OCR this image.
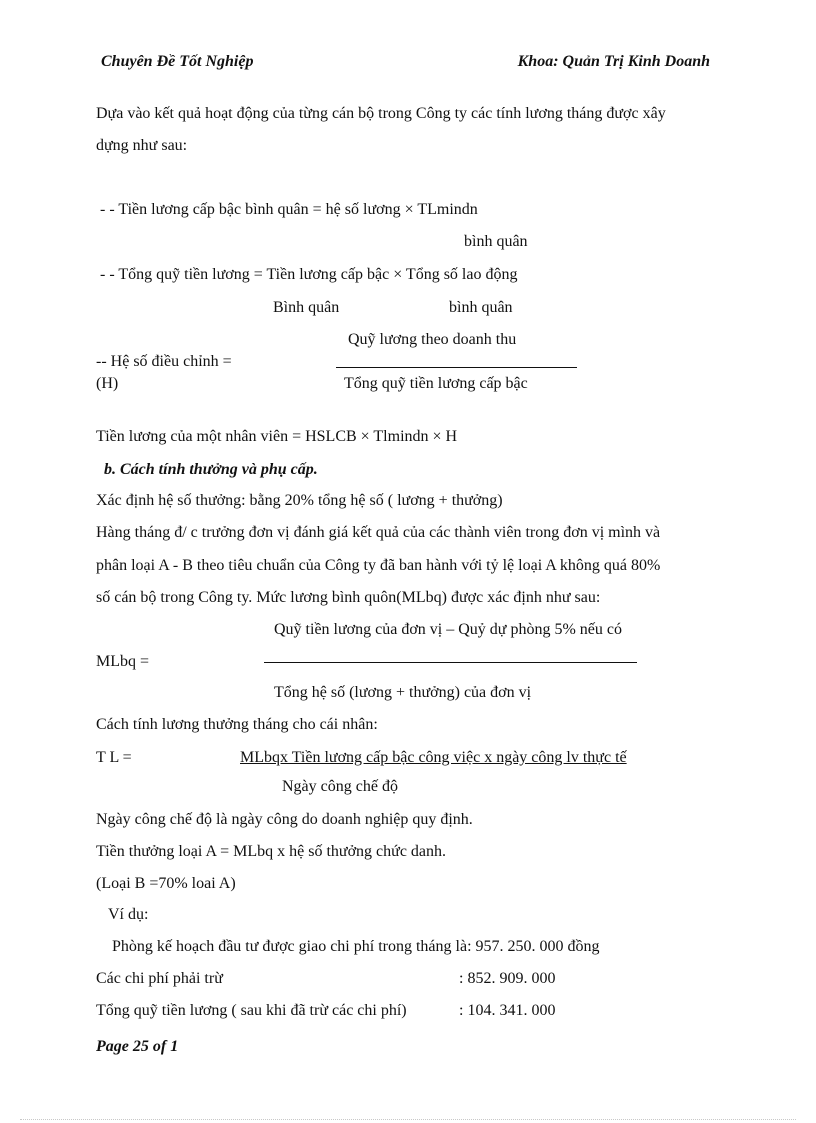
Chuyên Đề Tốt Nghiệp	Khoa: Quản Trị Kinh Doanh
Dựa vào kết quả hoạt động của từng cán bộ trong Công ty các tính lương tháng được xây
dựng như sau:
- - Tiền lương cấp bậc bình quân = hệ số lương × TLmindn
bình quân
- - Tổng quỹ tiền lương = Tiền lương cấp bậc × Tổng số lao động
Bình quân	bình quân
Quỹ lương theo doanh thu
-- Hệ số điều chỉnh =
(H)	Tổng quỹ tiền lương cấp bậc
Tiền lương của một nhân viên = HSLCB × Tlmindn × H
b. Cách tính thưởng và phụ cấp.
Xác định hệ số thưởng: bằng 20% tổng hệ số ( lương + thưởng)
Hàng tháng đ/ c trưởng đơn vị đánh giá kết quả của các thành viên trong đơn vị mình và
phân loại A - B theo tiêu chuẩn của Công ty đã ban hành với tỷ lệ loại A không quá 80%
số cán bộ trong Công ty. Mức lương bình quôn(MLbq) được xác định như sau:
Quỹ tiền lương của đơn vị – Quỷ dự phòng 5% nếu có
MLbq =
Tổng hệ số (lương + thưởng) của đơn vị
Cách tính lương thưởng tháng cho cái nhân:
T L =	MLbqx Tiền lương cấp bậc công việc x ngày công lv thực tế
Ngày công chế độ
Ngày công chế độ là ngày công do doanh nghiệp quy định.
Tiền thưởng loại A = MLbq x hệ số thưởng chức danh.
(Loại B =70% loai A)
Ví dụ:
Phòng kế hoạch đầu tư được giao chi phí trong tháng là: 957. 250. 000 đồng
Các chi phí phải trừ	: 852. 909. 000
Tổng quỹ tiền lương ( sau khi đã trừ các chi phí)	: 104. 341. 000
Page 25 of 1
